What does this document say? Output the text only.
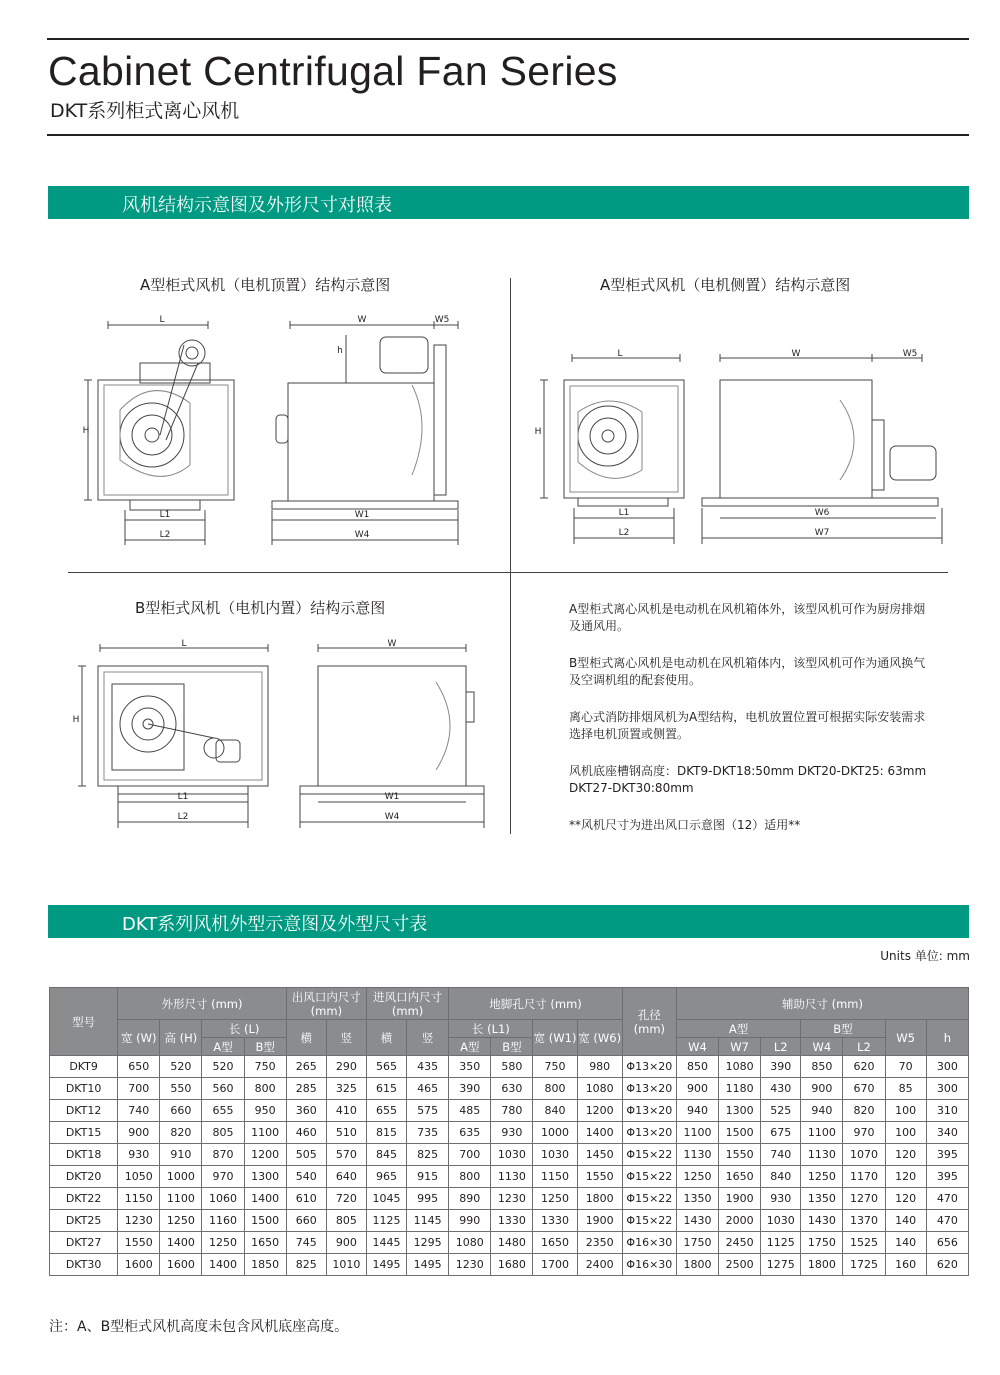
Cabinet Centrifugal Fan Series
DKT系列柜式离心风机
风机结构示意图及外形尺寸对照表
A型柜式风机（电机顶置）结构示意图	A型柜式风机（电机侧置）结构示意图
B型柜式风机（电机内置）结构示意图
L
H
L1
L2
W	W5
h
W1
W4
L
H
L1
L2
W	W5
W6
W7
L
H
L1
L2
W
W1
W4

A型柜式离心风机是电动机在风机箱体外，该型风机可作为厨房排烟及通风用。

B型柜式离心风机是电动机在风机箱体内，该型风机可作为通风换气及空调机组的配套使用。

离心式消防排烟风机为A型结构，电机放置位置可根据实际安装需求选择电机顶置或侧置。

风机底座槽钢高度：DKT9-DKT18:50mm DKT20-DKT25: 63mm DKT27-DKT30:80mm

**风机尺寸为进出风口示意图（12）适用**

DKT系列风机外型示意图及外型尺寸表
Units 单位: mm
型号	外形尺寸 (mm)				出风口内尺寸 (mm)		进风口内尺寸 (mm)		地脚孔尺寸 (mm)				孔径 (mm)	辅助尺寸 (mm)						
	宽 (W)	高 (H)	长 (L)		横	竖	横	竖	长 (L1)		宽 (W1)	宽 (W6)		A型			B型		W5	h
			A型	B型					A型	B型				W4	W7	L2	W4	L2		
DKT9	650	520	520	750	265	290	565	435	350	580	750	980	Φ13×20	850	1080	390	850	620	70	300
DKT10	700	550	560	800	285	325	615	465	390	630	800	1080	Φ13×20	900	1180	430	900	670	85	300
DKT12	740	660	655	950	360	410	655	575	485	780	840	1200	Φ13×20	940	1300	525	940	820	100	310
DKT15	900	820	805	1100	460	510	815	735	635	930	1000	1400	Φ13×20	1100	1500	675	1100	970	100	340
DKT18	930	910	870	1200	505	570	845	825	700	1030	1030	1450	Φ15×22	1130	1550	740	1130	1070	120	395
DKT20	1050	1000	970	1300	540	640	965	915	800	1130	1150	1550	Φ15×22	1250	1650	840	1250	1170	120	395
DKT22	1150	1100	1060	1400	610	720	1045	995	890	1230	1250	1800	Φ15×22	1350	1900	930	1350	1270	120	470
DKT25	1230	1250	1160	1500	660	805	1125	1145	990	1330	1330	1900	Φ15×22	1430	2000	1030	1430	1370	140	470
DKT27	1550	1400	1250	1650	745	900	1445	1295	1080	1480	1650	2350	Φ16×30	1750	2450	1125	1750	1525	140	656
DKT30	1600	1600	1400	1850	825	1010	1495	1495	1230	1680	1700	2400	Φ16×30	1800	2500	1275	1800	1725	160	620
注：A、B型柜式风机高度未包含风机底座高度。
